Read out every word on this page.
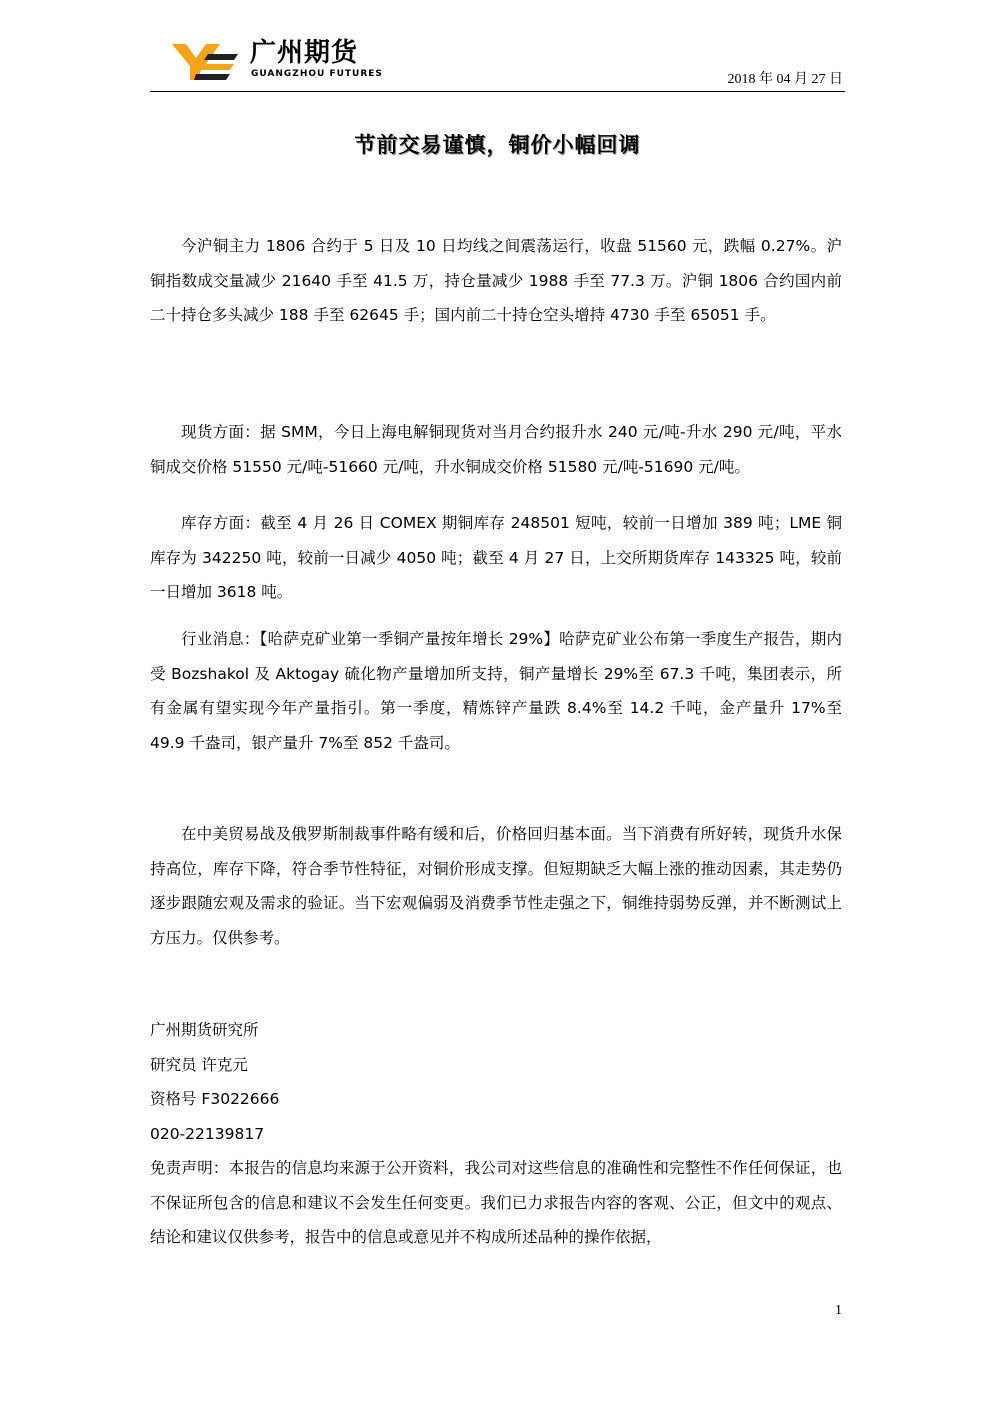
广州期货
GUANGZHOU FUTURES	2018 年 04 月 27 日
节前交易谨慎，铜价小幅回调

今沪铜主力 1806 合约于 5 日及 10 日均线之间震荡运行，收盘 51560 元，跌幅 0.27%。沪铜指数成交量减少 21640 手至 41.5 万，持仓量减少 1988 手至 77.3 万。沪铜 1806 合约国内前二十持仓多头减少 188 手至 62645 手；国内前二十持仓空头增持 4730 手至 65051 手。

现货方面：据 SMM，今日上海电解铜现货对当月合约报升水 240 元/吨-升水 290 元/吨，平水铜成交价格 51550 元/吨-51660 元/吨，升水铜成交价格 51580 元/吨-51690 元/吨。

库存方面：截至 4 月 26 日 COMEX 期铜库存 248501 短吨，较前一日增加 389 吨；LME 铜库存为 342250 吨，较前一日减少 4050 吨；截至 4 月 27 日，上交所期货库存 143325 吨，较前一日增加 3618 吨。

行业消息：【哈萨克矿业第一季铜产量按年增长 29%】哈萨克矿业公布第一季度生产报告，期内受 Bozshakol 及 Aktogay 硫化物产量增加所支持，铜产量增长 29%至 67.3 千吨，集团表示，所有金属有望实现今年产量指引。第一季度，精炼锌产量跌 8.4%至 14.2 千吨，金产量升 17%至 49.9 千盎司，银产量升 7%至 852 千盎司。

在中美贸易战及俄罗斯制裁事件略有缓和后，价格回归基本面。当下消费有所好转，现货升水保持高位，库存下降，符合季节性特征，对铜价形成支撑。但短期缺乏大幅上涨的推动因素，其走势仍逐步跟随宏观及需求的验证。当下宏观偏弱及消费季节性走强之下，铜维持弱势反弹，并不断测试上方压力。仅供参考。

广州期货研究所
研究员 许克元
资格号 F3022666
020-22139817
免责声明：本报告的信息均来源于公开资料，我公司对这些信息的准确性和完整性不作任何保证，也不保证所包含的信息和建议不会发生任何变更。我们已力求报告内容的客观、公正，但文中的观点、结论和建议仅供参考，报告中的信息或意见并不构成所述品种的操作依据，
1
